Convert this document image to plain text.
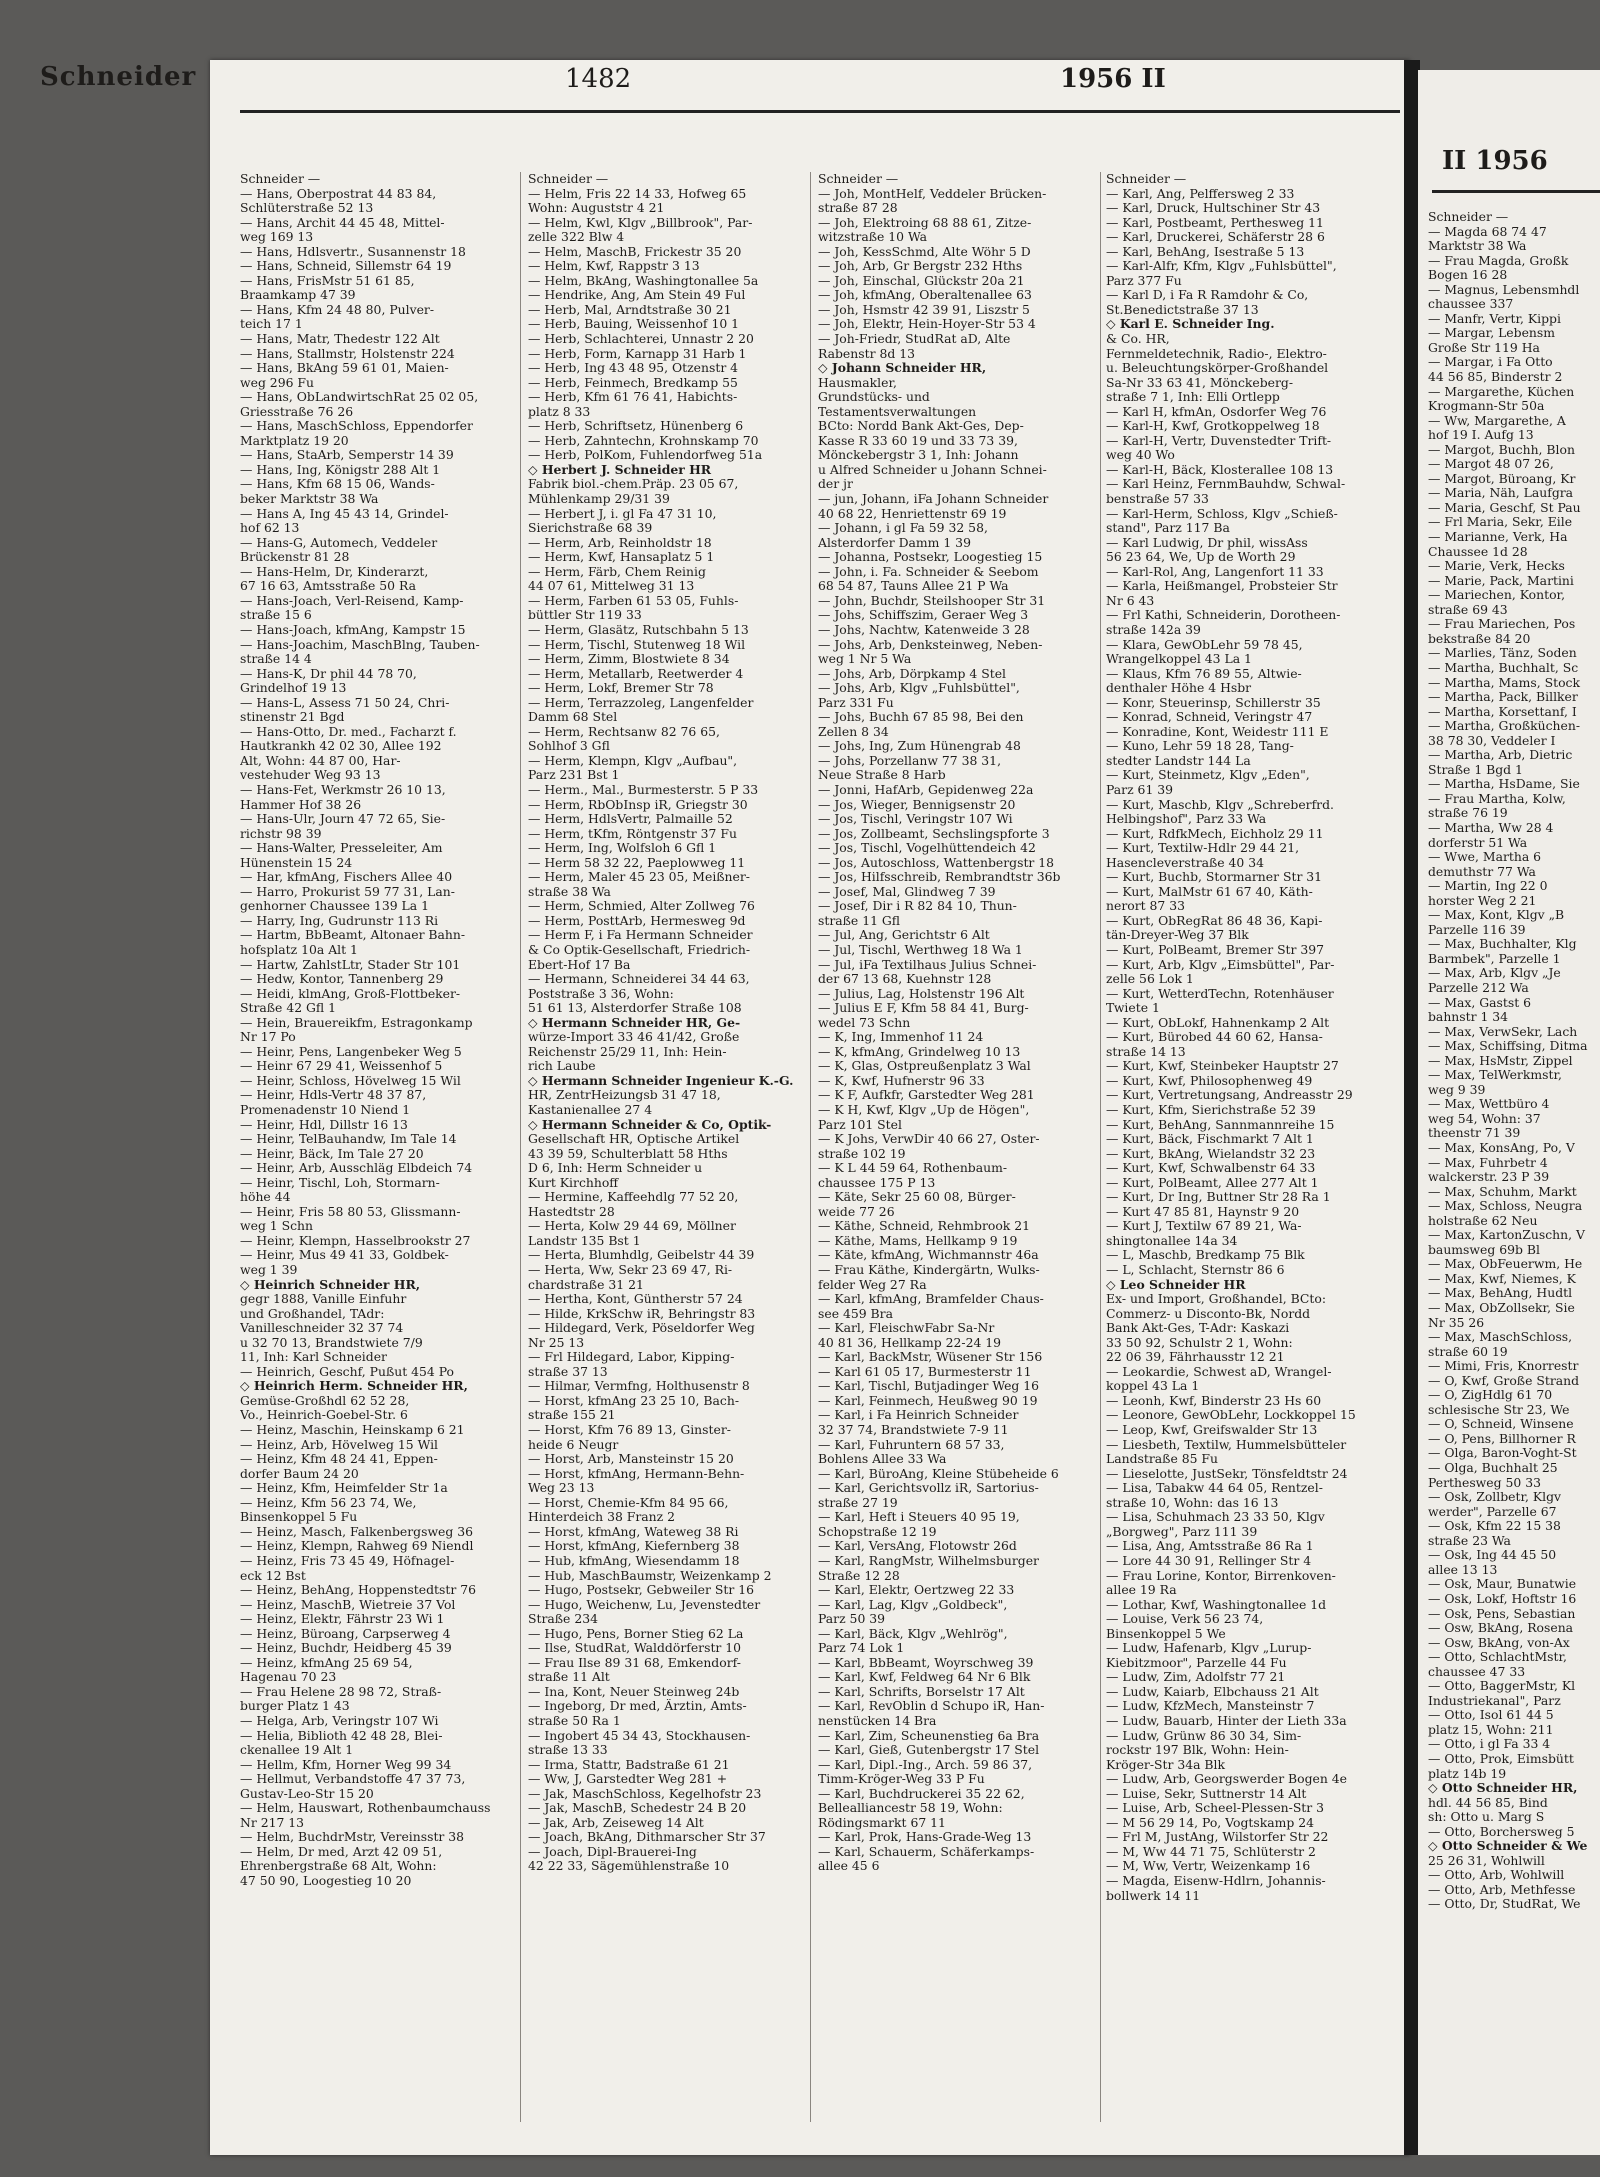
Schneider	1482	1956 II
Schneider —
— Hans, Oberpostrat 44 83 84,
Schlüterstraße 52 13
— Hans, Archit 44 45 48, Mittel-
weg 169 13
— Hans, Hdlsvertr., Susannenstr 18
— Hans, Schneid, Sillemstr 64 19
— Hans, FrisMstr 51 61 85,
Braamkamp 47 39
— Hans, Kfm 24 48 80, Pulver-
teich 17 1
— Hans, Matr, Thedestr 122 Alt
— Hans, Stallmstr, Holstenstr 224
— Hans, BkAng 59 61 01, Maien-
weg 296 Fu
— Hans, ObLandwirtschRat 25 02 05,
Griesstraße 76 26
— Hans, MaschSchloss, Eppendorfer
Marktplatz 19 20
— Hans, StaArb, Semperstr 14 39
— Hans, Ing, Königstr 288 Alt 1
— Hans, Kfm 68 15 06, Wands-
beker Marktstr 38 Wa
— Hans A, Ing 45 43 14, Grindel-
hof 62 13
— Hans-G, Automech, Veddeler
Brückenstr 81 28
— Hans-Helm, Dr, Kinderarzt,
67 16 63, Amtsstraße 50 Ra
— Hans-Joach, Verl-Reisend, Kamp-
straße 15 6
— Hans-Joach, kfmAng, Kampstr 15
— Hans-Joachim, MaschBlng, Tauben-
straße 14 4
— Hans-K, Dr phil 44 78 70,
Grindelhof 19 13
— Hans-L, Assess 71 50 24, Chri-
stinenstr 21 Bgd
— Hans-Otto, Dr. med., Facharzt f.
Hautkrankh 42 02 30, Allee 192
Alt, Wohn: 44 87 00, Har-
vestehuder Weg 93 13
— Hans-Fet, Werkmstr 26 10 13,
Hammer Hof 38 26
— Hans-Ulr, Journ 47 72 65, Sie-
richstr 98 39
— Hans-Walter, Presseleiter, Am
Hünenstein 15 24
— Har, kfmAng, Fischers Allee 40
— Harro, Prokurist 59 77 31, Lan-
genhorner Chaussee 139 La 1
— Harry, Ing, Gudrunstr 113 Ri
— Hartm, BbBeamt, Altonaer Bahn-
hofsplatz 10a Alt 1
— Hartw, ZahlstLtr, Stader Str 101
— Hedw, Kontor, Tannenberg 29
— Heidi, klmAng, Groß-Flottbeker-
Straße 42 Gfl 1
— Hein, Brauereikfm, Estragonkamp
Nr 17 Po
— Heinr, Pens, Langenbeker Weg 5
— Heinr 67 29 41, Weissenhof 5
— Heinr, Schloss, Hövelweg 15 Wil
— Heinr, Hdls-Vertr 48 37 87,
Promenadenstr 10 Niend 1
— Heinr, Hdl, Dillstr 16 13
— Heinr, TelBauhandw, Im Tale 14
— Heinr, Bäck, Im Tale 27 20
— Heinr, Arb, Ausschläg Elbdeich 74
— Heinr, Tischl, Loh, Stormarn-
höhe 44
— Heinr, Fris 58 80 53, Glissmann-
weg 1 Schn
— Heinr, Klempn, Hasselbrookstr 27
— Heinr, Mus 49 41 33, Goldbek-
weg 1 39
◇ Heinrich Schneider HR,
gegr 1888, Vanille Einfuhr
und Großhandel, TAdr:
Vanilleschneider 32 37 74
u 32 70 13, Brandstwiete 7/9
11, Inh: Karl Schneider
— Heinrich, Geschf, Pußut 454 Po
◇ Heinrich Herm. Schneider HR,
Gemüse-Großhdl 62 52 28,
Vo., Heinrich-Goebel-Str. 6
— Heinz, Maschin, Heinskamp 6 21
— Heinz, Arb, Hövelweg 15 Wil
— Heinz, Kfm 48 24 41, Eppen-
dorfer Baum 24 20
— Heinz, Kfm, Heimfelder Str 1a
— Heinz, Kfm 56 23 74, We,
Binsenkoppel 5 Fu
— Heinz, Masch, Falkenbergsweg 36
— Heinz, Klempn, Rahweg 69 Niendl
— Heinz, Fris 73 45 49, Höfnagel-
eck 12 Bst
— Heinz, BehAng, Hoppenstedtstr 76
— Heinz, MaschB, Wietreie 37 Vol
— Heinz, Elektr, Fährstr 23 Wi 1
— Heinz, Büroang, Carpserweg 4
— Heinz, Buchdr, Heidberg 45 39
— Heinz, kfmAng 25 69 54,
Hagenau 70 23
— Frau Helene 28 98 72, Straß-
burger Platz 1 43
— Helga, Arb, Veringstr 107 Wi
— Helia, Biblioth 42 48 28, Blei-
ckenallee 19 Alt 1
— Hellm, Kfm, Horner Weg 99 34
— Hellmut, Verbandstoffe 47 37 73,
Gustav-Leo-Str 15 20
— Helm, Hauswart, Rothenbaumchauss
Nr 217 13
— Helm, BuchdrMstr, Vereinsstr 38
— Helm, Dr med, Arzt 42 09 51,
Ehrenbergstraße 68 Alt, Wohn:
47 50 90, Loogestieg 10 20
Schneider —
— Helm, Fris 22 14 33, Hofweg 65
Wohn: Auguststr 4 21
— Helm, Kwl, Klgv „Billbrook", Par-
zelle 322 Blw 4
— Helm, MaschB, Frickestr 35 20
— Helm, Kwf, Rappstr 3 13
— Helm, BkAng, Washingtonallee 5a
— Hendrike, Ang, Am Stein 49 Ful
— Herb, Mal, Arndtstraße 30 21
— Herb, Bauing, Weissenhof 10 1
— Herb, Schlachterei, Unnastr 2 20
— Herb, Form, Karnapp 31 Harb 1
— Herb, Ing 43 48 95, Otzenstr 4
— Herb, Feinmech, Bredkamp 55
— Herb, Kfm 61 76 41, Habichts-
platz 8 33
— Herb, Schriftsetz, Hünenberg 6
— Herb, Zahntechn, Krohnskamp 70
— Herb, PolKom, Fuhlendorfweg 51a
◇ Herbert J. Schneider HR
Fabrik biol.-chem.Präp. 23 05 67,
Mühlenkamp 29/31 39
— Herbert J, i. gl Fa 47 31 10,
Sierichstraße 68 39
— Herm, Arb, Reinholdstr 18
— Herm, Kwf, Hansaplatz 5 1
— Herm, Färb, Chem Reinig
44 07 61, Mittelweg 31 13
— Herm, Farben 61 53 05, Fuhls-
büttler Str 119 33
— Herm, Glasätz, Rutschbahn 5 13
— Herm, Tischl, Stutenweg 18 Wil
— Herm, Zimm, Blostwiete 8 34
— Herm, Metallarb, Reetwerder 4
— Herm, Lokf, Bremer Str 78
— Herm, Terrazzoleg, Langenfelder
Damm 68 Stel
— Herm, Rechtsanw 82 76 65,
Sohlhof 3 Gfl
— Herm, Klempn, Klgv „Aufbau",
Parz 231 Bst 1
— Herm., Mal., Burmesterstr. 5 P 33
— Herm, RbObInsp iR, Griegstr 30
— Herm, HdlsVertr, Palmaille 52
— Herm, tKfm, Röntgenstr 37 Fu
— Herm, Ing, Wolfsloh 6 Gfl 1
— Herm 58 32 22, Paeplowweg 11
— Herm, Maler 45 23 05, Meißner-
straße 38 Wa
— Herm, Schmied, Alter Zollweg 76
— Herm, PosttArb, Hermesweg 9d
— Herm F, i Fa Hermann Schneider
& Co Optik-Gesellschaft, Friedrich-
Ebert-Hof 17 Ba
— Hermann, Schneiderei 34 44 63,
Poststraße 3 36, Wohn:
51 61 13, Alsterdorfer Straße 108
◇ Hermann Schneider HR, Ge-
würze-Import 33 46 41/42, Große
Reichenstr 25/29 11, Inh: Hein-
rich Laube
◇ Hermann Schneider Ingenieur K.-G.
HR, ZentrHeizungsb 31 47 18,
Kastanienallee 27 4
◇ Hermann Schneider & Co, Optik-
Gesellschaft HR, Optische Artikel
43 39 59, Schulterblatt 58 Hths
D 6, Inh: Herm Schneider u
Kurt Kirchhoff
— Hermine, Kaffeehdlg 77 52 20,
Hastedtstr 28
— Herta, Kolw 29 44 69, Möllner
Landstr 135 Bst 1
— Herta, Blumhdlg, Geibelstr 44 39
— Herta, Ww, Sekr 23 69 47, Ri-
chardstraße 31 21
— Hertha, Kont, Güntherstr 57 24
— Hilde, KrkSchw iR, Behringstr 83
— Hildegard, Verk, Pöseldorfer Weg
Nr 25 13
— Frl Hildegard, Labor, Kipping-
straße 37 13
— Hilmar, Vermfng, Holthusenstr 8
— Horst, kfmAng 23 25 10, Bach-
straße 155 21
— Horst, Kfm 76 89 13, Ginster-
heide 6 Neugr
— Horst, Arb, Mansteinstr 15 20
— Horst, kfmAng, Hermann-Behn-
Weg 23 13
— Horst, Chemie-Kfm 84 95 66,
Hinterdeich 38 Franz 2
— Horst, kfmAng, Wateweg 38 Ri
— Horst, kfmAng, Kiefernberg 38
— Hub, kfmAng, Wiesendamm 18
— Hub, MaschBaumstr, Weizenkamp 2
— Hugo, Postsekr, Gebweiler Str 16
— Hugo, Weichenw, Lu, Jevenstedter
Straße 234
— Hugo, Pens, Borner Stieg 62 La
— Ilse, StudRat, Walddörferstr 10
— Frau Ilse 89 31 68, Emkendorf-
straße 11 Alt
— Ina, Kont, Neuer Steinweg 24b
— Ingeborg, Dr med, Ärztin, Amts-
straße 50 Ra 1
— Ingobert 45 34 43, Stockhausen-
straße 13 33
— Irma, Stattr, Badstraße 61 21
— Ww, J, Garstedter Weg 281 +
— Jak, MaschSchloss, Kegelhofstr 23
— Jak, MaschB, Schedestr 24 B 20
— Jak, Arb, Zeiseweg 14 Alt
— Joach, BkAng, Dithmarscher Str 37
— Joach, Dipl-Brauerei-Ing
42 22 33, Sägemühlenstraße 10
Schneider —
— Joh, MontHelf, Veddeler Brücken-
straße 87 28
— Joh, Elektroing 68 88 61, Zitze-
witzstraße 10 Wa
— Joh, KessSchmd, Alte Wöhr 5 D
— Joh, Arb, Gr Bergstr 232 Hths
— Joh, Einschal, Glückstr 20a 21
— Joh, kfmAng, Oberaltenallee 63
— Joh, Hsmstr 42 39 91, Liszstr 5
— Joh, Elektr, Hein-Hoyer-Str 53 4
— Joh-Friedr, StudRat aD, Alte
Rabenstr 8d 13
◇ Johann Schneider HR,
Hausmakler,
Grundstücks- und
Testamentsverwaltungen
BCto: Nordd Bank Akt-Ges, Dep-
Kasse R 33 60 19 und 33 73 39,
Mönckebergstr 3 1, Inh: Johann
u Alfred Schneider u Johann Schnei-
der jr
— jun, Johann, iFa Johann Schneider
40 68 22, Henriettenstr 69 19
— Johann, i gl Fa 59 32 58,
Alsterdorfer Damm 1 39
— Johanna, Postsekr, Loogestieg 15
— John, i. Fa. Schneider & Seebom
68 54 87, Tauns Allee 21 P Wa
— John, Buchdr, Steilshooper Str 31
— Johs, Schiffszim, Geraer Weg 3
— Johs, Nachtw, Katenweide 3 28
— Johs, Arb, Denksteinweg, Neben-
weg 1 Nr 5 Wa
— Johs, Arb, Dörpkamp 4 Stel
— Johs, Arb, Klgv „Fuhlsbüttel",
Parz 331 Fu
— Johs, Buchh 67 85 98, Bei den
Zellen 8 34
— Johs, Ing, Zum Hünengrab 48
— Johs, Porzellanw 77 38 31,
Neue Straße 8 Harb
— Jonni, HafArb, Gepidenweg 22a
— Jos, Wieger, Bennigsenstr 20
— Jos, Tischl, Veringstr 107 Wi
— Jos, Zollbeamt, Sechslingspforte 3
— Jos, Tischl, Vogelhüttendeich 42
— Jos, Autoschloss, Wattenbergstr 18
— Jos, Hilfsschreib, Rembrandtstr 36b
— Josef, Mal, Glindweg 7 39
— Josef, Dir i R 82 84 10, Thun-
straße 11 Gfl
— Jul, Ang, Gerichtstr 6 Alt
— Jul, Tischl, Werthweg 18 Wa 1
— Jul, iFa Textilhaus Julius Schnei-
der 67 13 68, Kuehnstr 128
— Julius, Lag, Holstenstr 196 Alt
— Julius E F, Kfm 58 84 41, Burg-
wedel 73 Schn
— K, Ing, Immenhof 11 24
— K, kfmAng, Grindelweg 10 13
— K, Glas, Ostpreußenplatz 3 Wal
— K, Kwf, Hufnerstr 96 33
— K F, Aufkfr, Garstedter Weg 281
— K H, Kwf, Klgv „Up de Högen",
Parz 101 Stel
— K Johs, VerwDir 40 66 27, Oster-
straße 102 19
— K L 44 59 64, Rothenbaum-
chaussee 175 P 13
— Käte, Sekr 25 60 08, Bürger-
weide 77 26
— Käthe, Schneid, Rehmbrook 21
— Käthe, Mams, Hellkamp 9 19
— Käte, kfmAng, Wichmannstr 46a
— Frau Käthe, Kindergärtn, Wulks-
felder Weg 27 Ra
— Karl, kfmAng, Bramfelder Chaus-
see 459 Bra
— Karl, FleischwFabr Sa-Nr
40 81 36, Hellkamp 22-24 19
— Karl, BackMstr, Wüsener Str 156
— Karl 61 05 17, Burmesterstr 11
— Karl, Tischl, Butjadinger Weg 16
— Karl, Feinmech, Heußweg 90 19
— Karl, i Fa Heinrich Schneider
32 37 74, Brandstwiete 7-9 11
— Karl, Fuhruntern 68 57 33,
Bohlens Allee 33 Wa
— Karl, BüroAng, Kleine Stübeheide 6
— Karl, Gerichtsvollz iR, Sartorius-
straße 27 19
— Karl, Heft i Steuers 40 95 19,
Schopstraße 12 19
— Karl, VersAng, Flotowstr 26d
— Karl, RangMstr, Wilhelmsburger
Straße 12 28
— Karl, Elektr, Oertzweg 22 33
— Karl, Lag, Klgv „Goldbeck",
Parz 50 39
— Karl, Bäck, Klgv „Wehlrög",
Parz 74 Lok 1
— Karl, BbBeamt, Woyrschweg 39
— Karl, Kwf, Feldweg 64 Nr 6 Blk
— Karl, Schrifts, Borselstr 17 Alt
— Karl, RevOblin d Schupo iR, Han-
nenstücken 14 Bra
— Karl, Zim, Scheunenstieg 6a Bra
— Karl, Gieß, Gutenbergstr 17 Stel
— Karl, Dipl.-Ing., Arch. 59 86 37,
Timm-Kröger-Weg 33 P Fu
— Karl, Buchdruckerei 35 22 62,
Bellealliancestr 58 19, Wohn:
Rödingsmarkt 67 11
— Karl, Prok, Hans-Grade-Weg 13
— Karl, Schauerm, Schäferkamps-
allee 45 6
Schneider —
— Karl, Ang, Pelffersweg 2 33
— Karl, Druck, Hultschiner Str 43
— Karl, Postbeamt, Perthesweg 11
— Karl, Druckerei, Schäferstr 28 6
— Karl, BehAng, Isestraße 5 13
— Karl-Alfr, Kfm, Klgv „Fuhlsbüttel",
Parz 377 Fu
— Karl D, i Fa R Ramdohr & Co,
St.Benedictstraße 37 13
◇ Karl E. Schneider Ing.
& Co. HR,
Fernmeldetechnik, Radio-, Elektro-
u. Beleuchtungskörper-Großhandel
Sa-Nr 33 63 41, Mönckeberg-
straße 7 1, Inh: Elli Ortlepp
— Karl H, kfmAn, Osdorfer Weg 76
— Karl-H, Kwf, Grotkoppelweg 18
— Karl-H, Vertr, Duvenstedter Trift-
weg 40 Wo
— Karl-H, Bäck, Klosterallee 108 13
— Karl Heinz, FernmBauhdw, Schwal-
benstraße 57 33
— Karl-Herm, Schloss, Klgv „Schieß-
stand", Parz 117 Ba
— Karl Ludwig, Dr phil, wissAss
56 23 64, We, Up de Worth 29
— Karl-Rol, Ang, Langenfort 11 33
— Karla, Heißmangel, Probsteier Str
Nr 6 43
— Frl Kathi, Schneiderin, Dorotheen-
straße 142a 39
— Klara, GewObLehr 59 78 45,
Wrangelkoppel 43 La 1
— Klaus, Kfm 76 89 55, Altwie-
denthaler Höhe 4 Hsbr
— Konr, Steuerinsp, Schillerstr 35
— Konrad, Schneid, Veringstr 47
— Konradine, Kont, Weidestr 111 E
— Kuno, Lehr 59 18 28, Tang-
stedter Landstr 144 La
— Kurt, Steinmetz, Klgv „Eden",
Parz 61 39
— Kurt, Maschb, Klgv „Schreberfrd.
Helbingshof", Parz 33 Wa
— Kurt, RdfkMech, Eichholz 29 11
— Kurt, Textilw-Hdlr 29 44 21,
Hasencleverstraße 40 34
— Kurt, Buchb, Stormarner Str 31
— Kurt, MalMstr 61 67 40, Käth-
nerort 87 33
— Kurt, ObRegRat 86 48 36, Kapi-
tän-Dreyer-Weg 37 Blk
— Kurt, PolBeamt, Bremer Str 397
— Kurt, Arb, Klgv „Eimsbüttel", Par-
zelle 56 Lok 1
— Kurt, WetterdTechn, Rotenhäuser
Twiete 1
— Kurt, ObLokf, Hahnenkamp 2 Alt
— Kurt, Bürobed 44 60 62, Hansa-
straße 14 13
— Kurt, Kwf, Steinbeker Hauptstr 27
— Kurt, Kwf, Philosophenweg 49
— Kurt, Vertretungsang, Andreasstr 29
— Kurt, Kfm, Sierichstraße 52 39
— Kurt, BehAng, Sannmannreihe 15
— Kurt, Bäck, Fischmarkt 7 Alt 1
— Kurt, BkAng, Wielandstr 32 23
— Kurt, Kwf, Schwalbenstr 64 33
— Kurt, PolBeamt, Allee 277 Alt 1
— Kurt, Dr Ing, Buttner Str 28 Ra 1
— Kurt 47 85 81, Haynstr 9 20
— Kurt J, Textilw 67 89 21, Wa-
shingtonallee 14a 34
— L, Maschb, Bredkamp 75 Blk
— L, Schlacht, Sternstr 86 6
◇ Leo Schneider HR
Ex- und Import, Großhandel, BCto:
Commerz- u Disconto-Bk, Nordd
Bank Akt-Ges, T-Adr: Kaskazi
33 50 92, Schulstr 2 1, Wohn:
22 06 39, Fährhausstr 12 21
— Leokardie, Schwest aD, Wrangel-
koppel 43 La 1
— Leonh, Kwf, Binderstr 23 Hs 60
— Leonore, GewObLehr, Lockkoppel 15
— Leop, Kwf, Greifswalder Str 13
— Liesbeth, Textilw, Hummelsbütteler
Landstraße 85 Fu
— Lieselotte, JustSekr, Tönsfeldtstr 24
— Lisa, Tabakw 44 64 05, Rentzel-
straße 10, Wohn: das 16 13
— Lisa, Schuhmach 23 33 50, Klgv
„Borgweg", Parz 111 39
— Lisa, Ang, Amtsstraße 86 Ra 1
— Lore 44 30 91, Rellinger Str 4
— Frau Lorine, Kontor, Birrenkoven-
allee 19 Ra
— Lothar, Kwf, Washingtonallee 1d
— Louise, Verk 56 23 74,
Binsenkoppel 5 We
— Ludw, Hafenarb, Klgv „Lurup-
Kiebitzmoor", Parzelle 44 Fu
— Ludw, Zim, Adolfstr 77 21
— Ludw, Kaiarb, Elbchauss 21 Alt
— Ludw, KfzMech, Mansteinstr 7
— Ludw, Bauarb, Hinter der Lieth 33a
— Ludw, Grünw 86 30 34, Sim-
rockstr 197 Blk, Wohn: Hein-
Kröger-Str 34a Blk
— Ludw, Arb, Georgswerder Bogen 4e
— Luise, Sekr, Suttnerstr 14 Alt
— Luise, Arb, Scheel-Plessen-Str 3
— M 56 29 14, Po, Vogtskamp 24
— Frl M, JustAng, Wilstorfer Str 22
— M, Ww 44 71 75, Schlüterstr 2
— M, Ww, Vertr, Weizenkamp 16
— Magda, Eisenw-Hdlrn, Johannis-
bollwerk 14 11
II 1956
Schneider —
— Magda 68 74 47
Marktstr 38 Wa
— Frau Magda, Großk
Bogen 16 28
— Magnus, Lebensmhdl
chaussee 337
— Manfr, Vertr, Kippi
— Margar, Lebensm
Große Str 119 Ha
— Margar, i Fa Otto
44 56 85, Binderstr 2
— Margarethe, Küchen
Krogmann-Str 50a
— Ww, Margarethe, A
hof 19 I. Aufg 13
— Margot, Buchh, Blon
— Margot 48 07 26,
— Margot, Büroang, Kr
— Maria, Näh, Laufgra
— Maria, Geschf, St Pau
— Frl Maria, Sekr, Eile
— Marianne, Verk, Ha
Chaussee 1d 28
— Marie, Verk, Hecks
— Marie, Pack, Martini
— Mariechen, Kontor,
straße 69 43
— Frau Mariechen, Pos
bekstraße 84 20
— Marlies, Tänz, Soden
— Martha, Buchhalt, Sc
— Martha, Mams, Stock
— Martha, Pack, Billker
— Martha, Korsettanf, I
— Martha, Großküchen-
38 78 30, Veddeler I
— Martha, Arb, Dietric
Straße 1 Bgd 1
— Martha, HsDame, Sie
— Frau Martha, Kolw,
straße 76 19
— Martha, Ww 28 4
dorferstr 51 Wa
— Wwe, Martha 6
demuthstr 77 Wa
— Martin, Ing 22 0
horster Weg 2 21
— Max, Kont, Klgv „B
Parzelle 116 39
— Max, Buchhalter, Klg
Barmbek", Parzelle 1
— Max, Arb, Klgv „Je
Parzelle 212 Wa
— Max, Gastst 6
bahnstr 1 34
— Max, VerwSekr, Lach
— Max, Schiffsing, Ditma
— Max, HsMstr, Zippel
— Max, TelWerkmstr,
weg 9 39
— Max, Wettbüro 4
weg 54, Wohn: 37
theenstr 71 39
— Max, KonsAng, Po, V
— Max, Fuhrbetr 4
walckerstr. 23 P 39
— Max, Schuhm, Markt
— Max, Schloss, Neugra
holstraße 62 Neu
— Max, KartonZuschn, V
baumsweg 69b Bl
— Max, ObFeuerwm, He
— Max, Kwf, Niemes, K
— Max, BehAng, Hudtl
— Max, ObZollsekr, Sie
Nr 35 26
— Max, MaschSchloss,
straße 60 19
— Mimi, Fris, Knorrestr
— O, Kwf, Große Strand
— O, ZigHdlg 61 70
schlesische Str 23, We
— O, Schneid, Winsene
— O, Pens, Billhorner R
— Olga, Baron-Voght-St
— Olga, Buchhalt 25
Perthesweg 50 33
— Osk, Zollbetr, Klgv
werder", Parzelle 67
— Osk, Kfm 22 15 38
straße 23 Wa
— Osk, Ing 44 45 50
allee 13 13
— Osk, Maur, Bunatwie
— Osk, Lokf, Hoftstr 16
— Osk, Pens, Sebastian
— Osw, BkAng, Rosena
— Osw, BkAng, von-Ax
— Otto, SchlachtMstr,
chaussee 47 33
— Otto, BaggerMstr, Kl
Industriekanal", Parz
— Otto, Isol 61 44 5
platz 15, Wohn: 211
— Otto, i gl Fa 33 4
— Otto, Prok, Eimsbütt
platz 14b 19
◇ Otto Schneider HR,
hdl. 44 56 85, Bind
sh: Otto u. Marg S
— Otto, Borchersweg 5
◇ Otto Schneider & We
25 26 31, Wohlwill
— Otto, Arb, Wohlwill
— Otto, Arb, Methfesse
— Otto, Dr, StudRat, We
